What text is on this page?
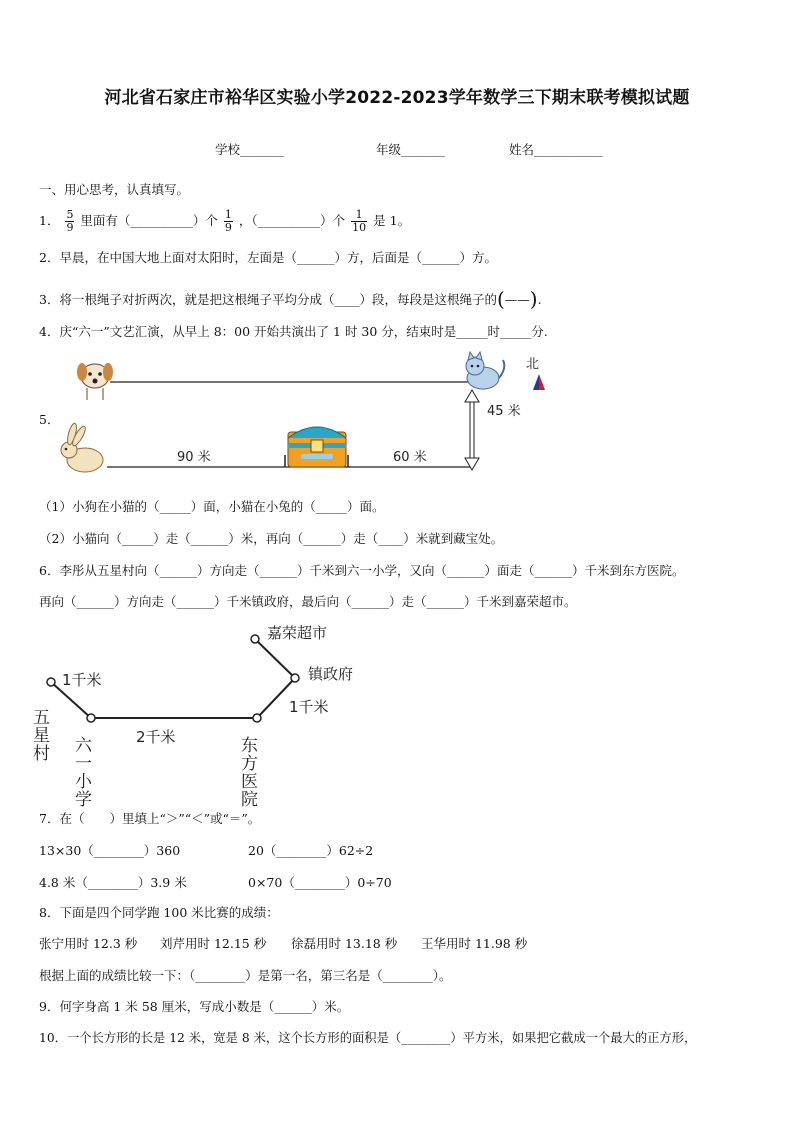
河北省石家庄市裕华区实验小学2022-2023学年数学三下期末联考模拟试题
学校_______	年级_______	姓名___________
一、用心思考，认真填写。
1． $\frac{5}{9}$ 里面有（__________）个 $\frac{1}{9}$ ，（__________）个 $\frac{1}{10}$ 是 1。
2．早晨，在中国大地上面对太阳时，左面是（______）方，后面是（______）方。
3．将一根绳子对折两次，就是把这根绳子平均分成（____）段，每段是这根绳子的(——).
4．庆“六一”文艺汇演，从早上 8：00 开始共演出了 1 时 30 分，结束时是_____时_____分.
5．
北
45 米
90 米	60 米
（1）小狗在小猫的（_____）面，小猫在小兔的（_____）面。
（2）小猫向（_____）走（______）米，再向（______）走（____）米就到藏宝处。
6．李彤从五星村向（______）方向走（______）千米到六一小学，又向（______）面走（______）千米到东方医院。
再向（______）方向走（______）千米镇政府，最后向（______）走（______）千米到嘉荣超市。
嘉荣超市
镇政府
1千米
2千米
1千米
五星村
六一小学	东方医院
7．在（　　）里填上“＞”“＜”或“＝”。
13×30（________）360	20（________）62÷2
4.8 米（________）3.9 米	0×70（________）0÷70
8．下面是四个同学跑 100 米比赛的成绩：
张宁用时 12.3 秒 刘芹用时 12.15 秒 徐磊用时 13.18 秒 王华用时 11.98 秒
根据上面的成绩比较一下：（________）是第一名，第三名是（________）。
9．何字身高 1 米 58 厘米，写成小数是（______）米。
10．一个长方形的长是 12 米，宽是 8 米，这个长方形的面积是（________）平方米，如果把它截成一个最大的正方形，
